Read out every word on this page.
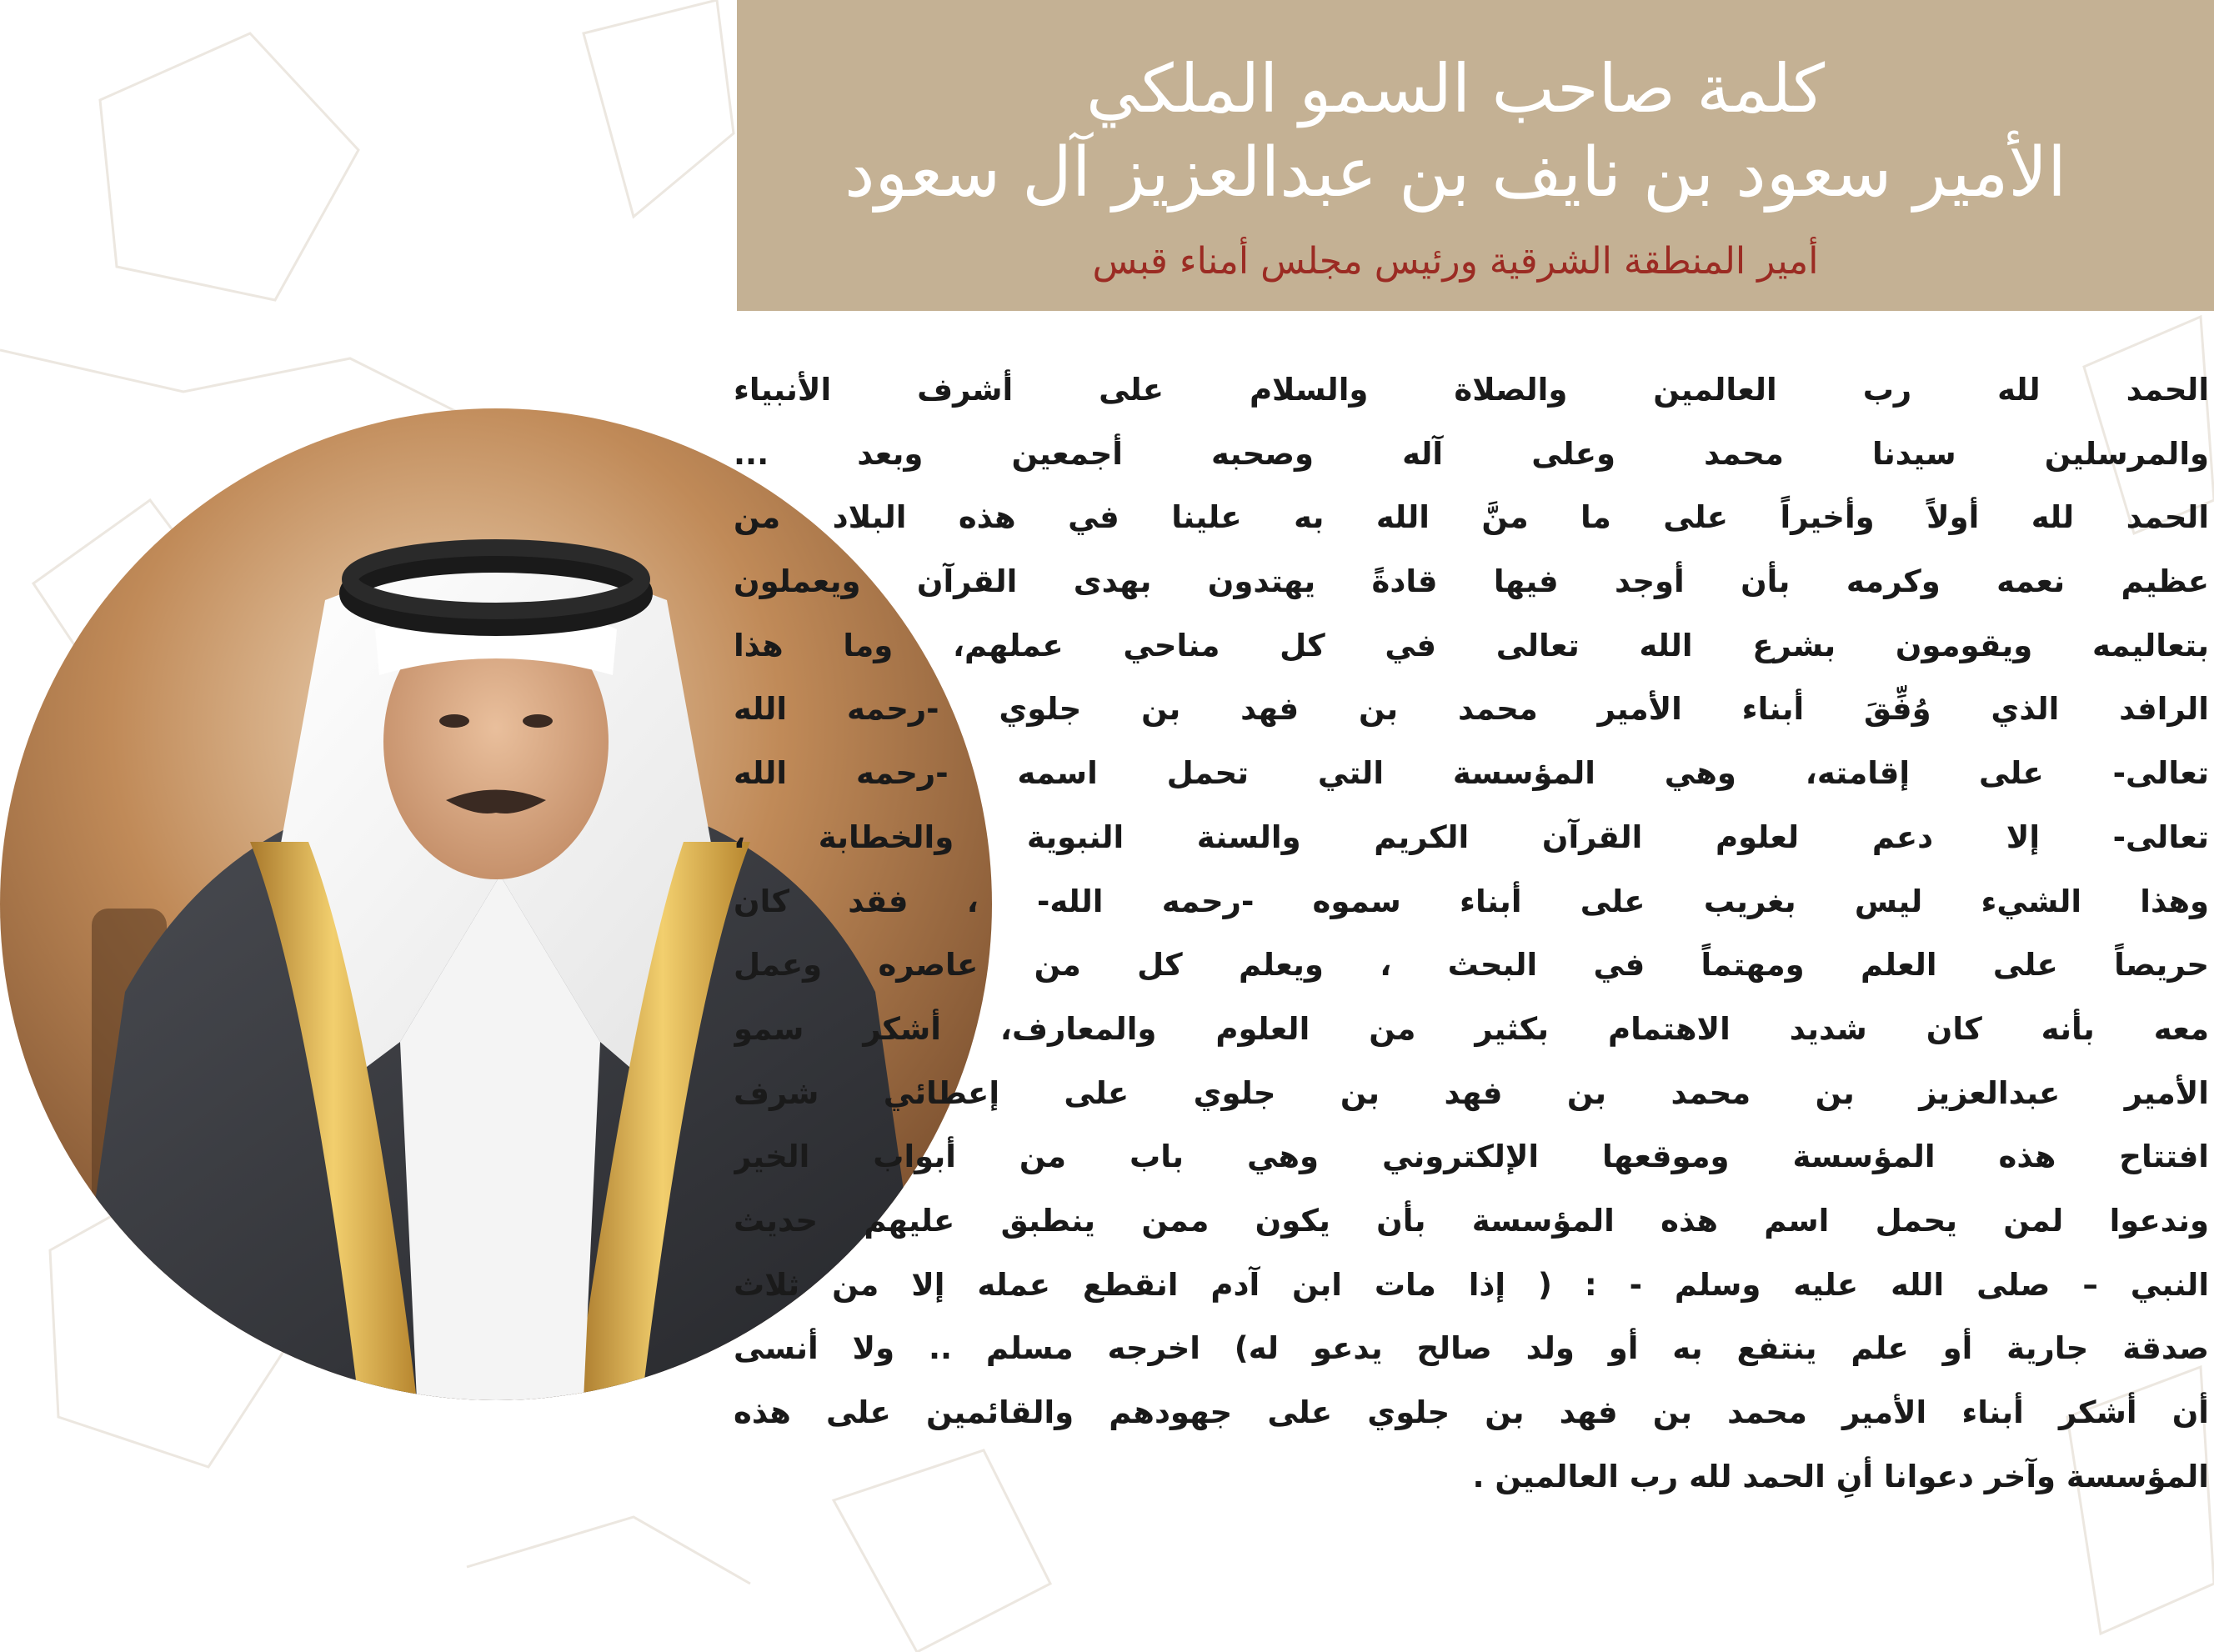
كلمة صاحب السمو الملكي
الأمير سعود بن نايف بن عبدالعزيز آل سعود
أمير المنطقة الشرقية ورئيس مجلس أمناء قبس
الحمد لله رب العالمين والصلاة والسلام على أشرف الأنبياء
والمرسلين سيدنا محمد وعلى آله وصحبه أجمعين وبعد ...
الحمد لله أولاً وأخيراً على ما منَّ الله به علينا في هذه البلاد من
عظيم نعمه وكرمه بأن أوجد فيها قادةً يهتدون بهدى القرآن ويعملون
بتعاليمه ويقومون بشرع الله تعالى في كل مناحي عملهم، وما هذا
الرافد الذي وُفِّقَ أبناء الأمير محمد بن فهد بن جلوي -رحمه الله
تعالى- على إقامته، وهي المؤسسة التي تحمل اسمه -رحمه الله
تعالى- إلا دعم لعلوم القرآن الكريم والسنة النبوية والخطابة ،
وهذا الشيء ليس بغريب على أبناء سموه -رحمه الله- ، فقد كان
حريصاً على العلم ومهتماً في البحث ، ويعلم كل من عاصره وعمل
معه بأنه كان شديد الاهتمام بكثير من العلوم والمعارف، أشكر سمو
الأمير عبدالعزيز بن محمد بن فهد بن جلوي على إعطائي شرف
افتتاح هذه المؤسسة وموقعها الإلكتروني وهي باب من أبواب الخير
وندعوا لمن يحمل اسم هذه المؤسسة بأن يكون ممن ينطبق عليهم حديث
النبي – صلى الله عليه وسلم - : ( إذا مات ابن آدم انقطع عمله إلا من ثلاث
صدقة جارية أو علم ينتفع به أو ولد صالح يدعو له) اخرجه مسلم .. ولا أنسى
أن أشكر أبناء الأمير محمد بن فهد بن جلوي على جهودهم والقائمين على هذه
المؤسسة وآخر دعوانا أنِ الحمد لله رب العالمين .
